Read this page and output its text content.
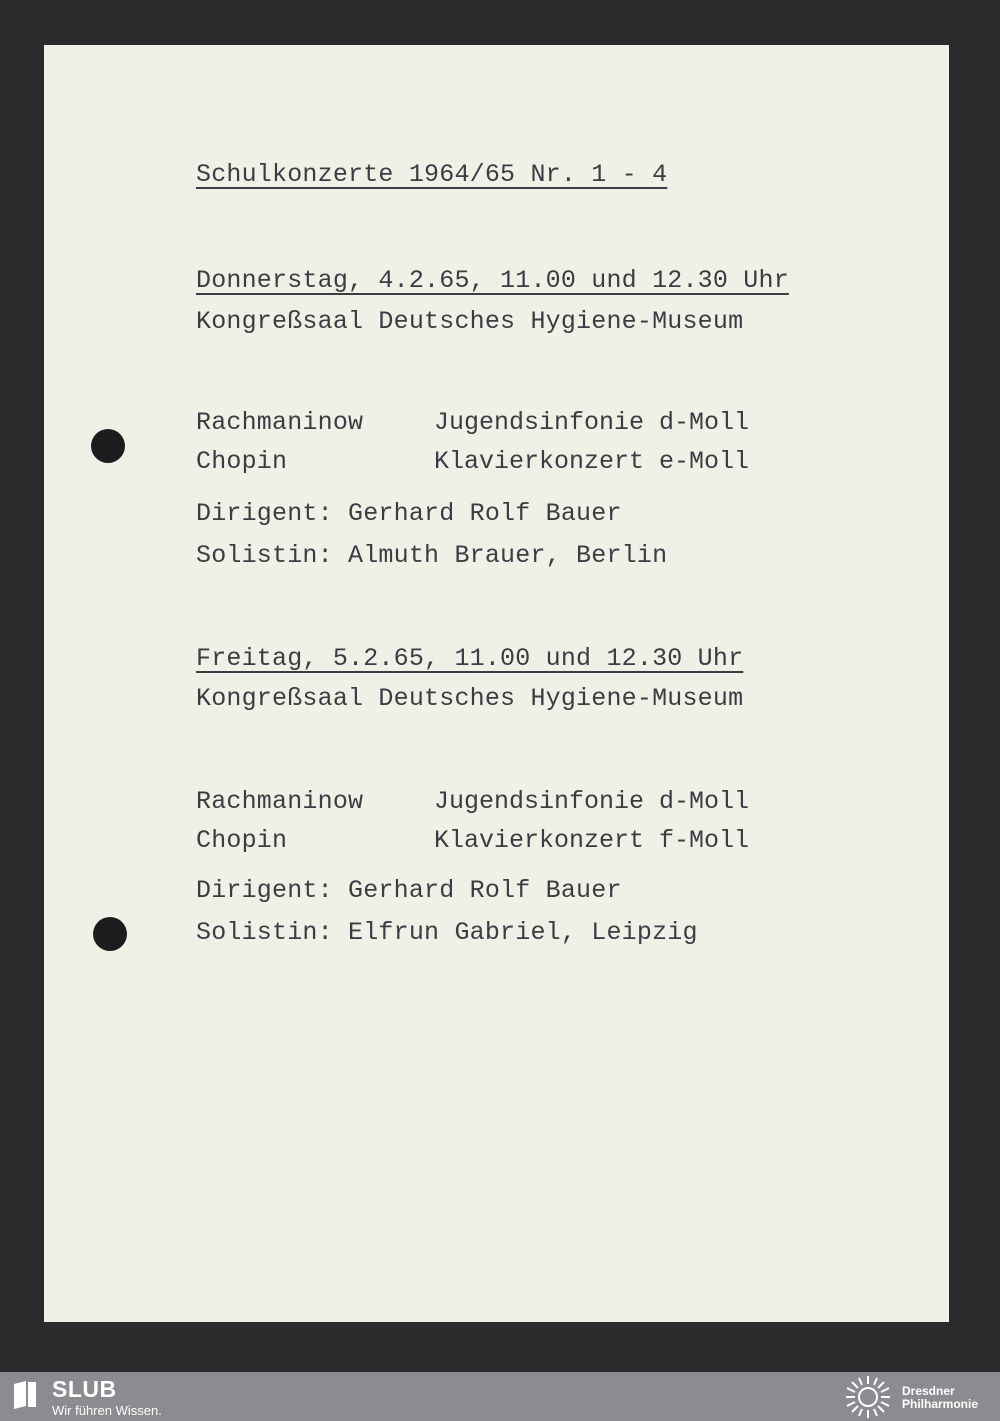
Schulkonzerte 1964/65 Nr. 1 - 4
Donnerstag, 4.2.65, 11.00 und 12.30 Uhr
Kongreßsaal Deutsches Hygiene-Museum
Rachmaninow	Jugendsinfonie d-Moll
Chopin	Klavierkonzert e-Moll
Dirigent: Gerhard Rolf Bauer
Solistin: Almuth Brauer, Berlin
Freitag, 5.2.65, 11.00 und 12.30 Uhr
Kongreßsaal Deutsches Hygiene-Museum
Rachmaninow	Jugendsinfonie d-Moll
Chopin	Klavierkonzert f-Moll
Dirigent: Gerhard Rolf Bauer
Solistin: Elfrun Gabriel, Leipzig
SLUB
Wir führen Wissen.
Dresdner
Philharmonie
